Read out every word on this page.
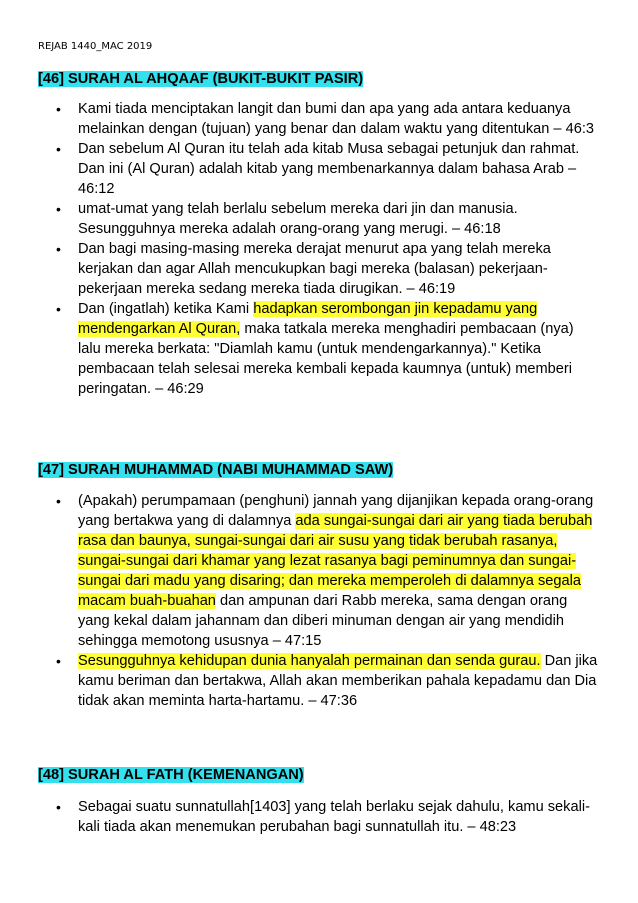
REJAB 1440_MAC 2019
[46] SURAH AL AHQAAF (BUKIT-BUKIT PASIR)
• Kami tiada menciptakan langit dan bumi dan apa yang ada antara keduanya melainkan dengan (tujuan) yang benar dan dalam waktu yang ditentukan – 46:3
• Dan sebelum Al Quran itu telah ada kitab Musa sebagai petunjuk dan rahmat. Dan ini (Al Quran) adalah kitab yang membenarkannya dalam bahasa Arab – 46:12
• umat-umat yang telah berlalu sebelum mereka dari jin dan manusia. Sesungguhnya mereka adalah orang-orang yang merugi. – 46:18
• Dan bagi masing-masing mereka derajat menurut apa yang telah mereka kerjakan dan agar Allah mencukupkan bagi mereka (balasan) pekerjaan-pekerjaan mereka sedang mereka tiada dirugikan. – 46:19
• Dan (ingatlah) ketika Kami hadapkan serombongan jin kepadamu yang mendengarkan Al Quran, maka tatkala mereka menghadiri pembacaan (nya) lalu mereka berkata: "Diamlah kamu (untuk mendengarkannya)." Ketika pembacaan telah selesai mereka kembali kepada kaumnya (untuk) memberi peringatan. – 46:29
[47] SURAH MUHAMMAD (NABI MUHAMMAD SAW)
• (Apakah) perumpamaan (penghuni) jannah yang dijanjikan kepada orang-orang yang bertakwa yang di dalamnya ada sungai-sungai dari air yang tiada berubah rasa dan baunya, sungai-sungai dari air susu yang tidak berubah rasanya, sungai-sungai dari khamar yang lezat rasanya bagi peminumnya dan sungai-sungai dari madu yang disaring; dan mereka memperoleh di dalamnya segala macam buah-buahan dan ampunan dari Rabb mereka, sama dengan orang yang kekal dalam jahannam dan diberi minuman dengan air yang mendidih sehingga memotong ususnya – 47:15
• Sesungguhnya kehidupan dunia hanyalah permainan dan senda gurau. Dan jika kamu beriman dan bertakwa, Allah akan memberikan pahala kepadamu dan Dia tidak akan meminta harta-hartamu. – 47:36
[48] SURAH AL FATH (KEMENANGAN)
• Sebagai suatu sunnatullah[1403] yang telah berlaku sejak dahulu, kamu sekali-kali tiada akan menemukan perubahan bagi sunnatullah itu. – 48:23
